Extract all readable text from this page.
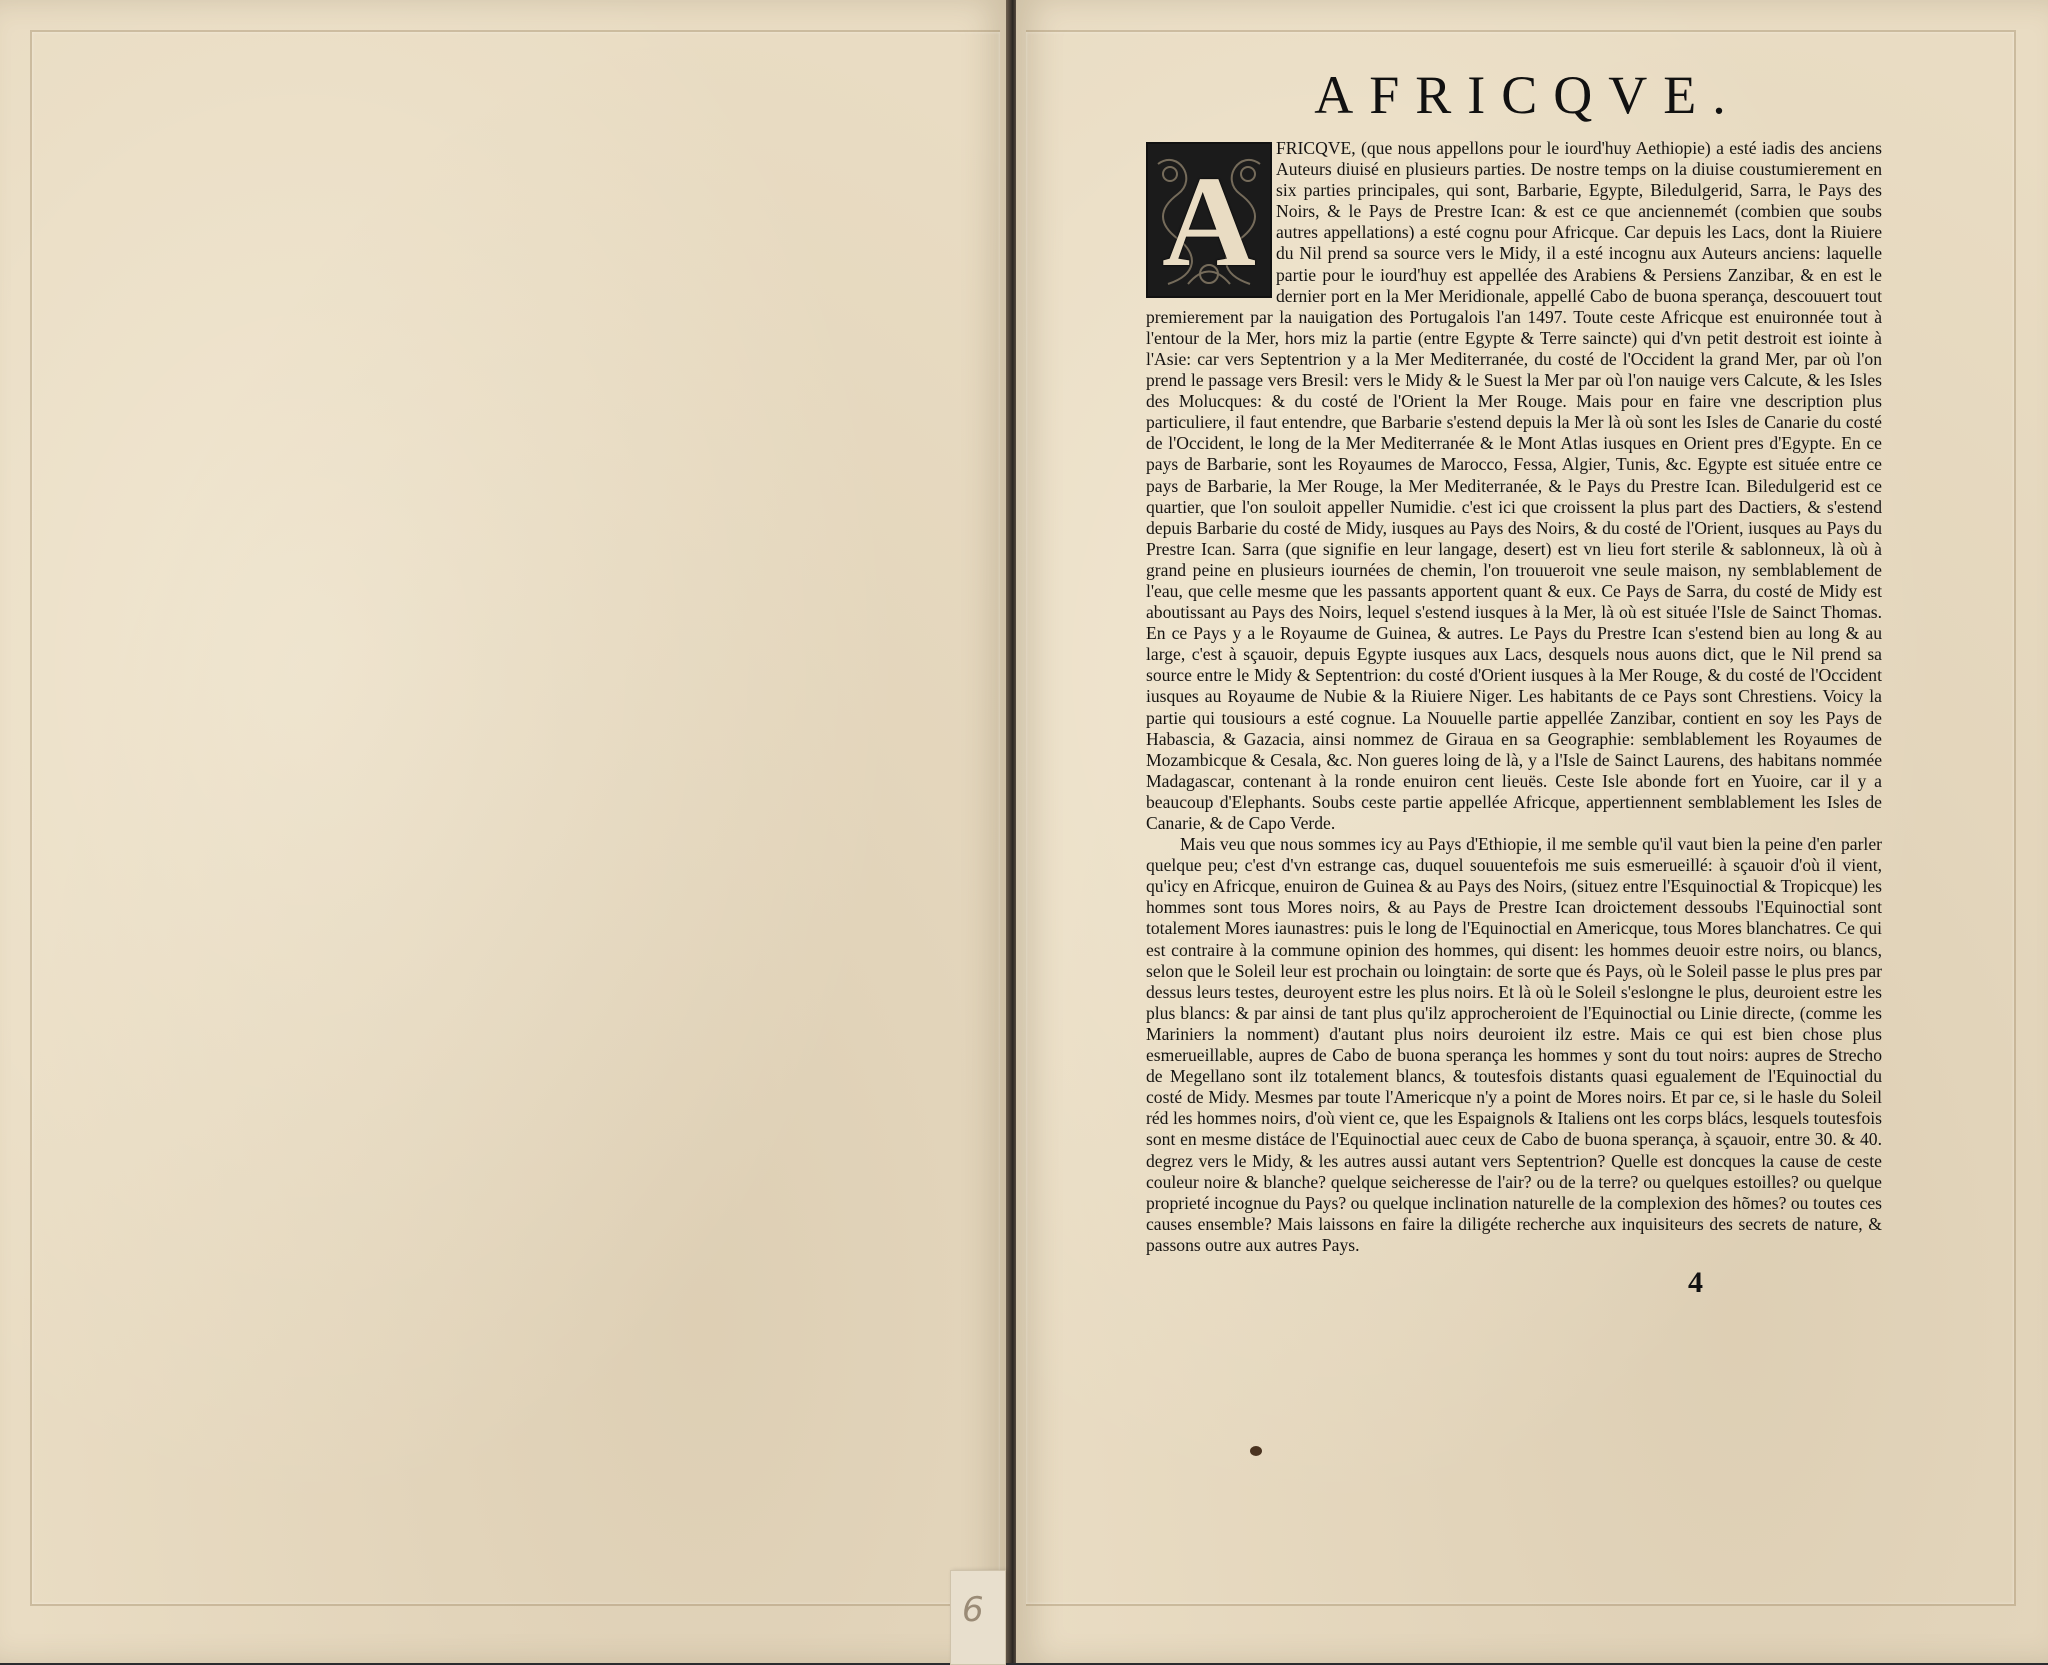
AFRICQVE.

FRICQVE, (que nous appellons pour le iourd'huy Aethiopie) a esté iadis des anciens Auteurs diuisé en plusieurs parties. De nostre temps on la diuise coustumierement en six parties principales, qui sont, Barbarie, Egypte, Biledulgerid, Sarra, le Pays des Noirs, & le Pays de Prestre Ican: & est ce que anciennemét (combien que soubs autres appellations) a esté cognu pour Africque. Car depuis les Lacs, dont la Riuiere du Nil prend sa source vers le Midy, il a esté incognu aux Auteurs anciens: laquelle partie pour le iourd'huy est appellée des Arabiens & Persiens Zanzibar, & en est le dernier port en la Mer Meridionale, appellé Cabo de buona sperança, descouuert tout premierement par la nauigation des Portugalois l'an 1497. Toute ceste Africque est enuironnée tout à l'entour de la Mer, hors miz la partie (entre Egypte & Terre saincte) qui d'vn petit destroit est iointe à l'Asie: car vers Septentrion y a la Mer Mediterranée, du costé de l'Occident la grand Mer, par où l'on prend le passage vers Bresil: vers le Midy & le Suest la Mer par où l'on nauige vers Calcute, & les Isles des Molucques: & du costé de l'Orient la Mer Rouge. Mais pour en faire vne description plus particuliere, il faut entendre, que Barbarie s'estend depuis la Mer là où sont les Isles de Canarie du costé de l'Occident, le long de la Mer Mediterranée & le Mont Atlas iusques en Orient pres d'Egypte. En ce pays de Barbarie, sont les Royaumes de Marocco, Fessa, Algier, Tunis, &c. Egypte est située entre ce pays de Barbarie, la Mer Rouge, la Mer Mediterranée, & le Pays du Prestre Ican. Biledulgerid est ce quartier, que l'on souloit appeller Numidie. c'est ici que croissent la plus part des Dactiers, & s'estend depuis Barbarie du costé de Midy, iusques au Pays des Noirs, & du costé de l'Orient, iusques au Pays du Prestre Ican. Sarra (que signifie en leur langage, desert) est vn lieu fort sterile & sablonneux, là où à grand peine en plusieurs iournées de chemin, l'on trouueroit vne seule maison, ny semblablement de l'eau, que celle mesme que les passants apportent quant & eux. Ce Pays de Sarra, du costé de Midy est aboutissant au Pays des Noirs, lequel s'estend iusques à la Mer, là où est située l'Isle de Sainct Thomas. En ce Pays y a le Royaume de Guinea, & autres. Le Pays du Prestre Ican s'estend bien au long & au large, c'est à sçauoir, depuis Egypte iusques aux Lacs, desquels nous auons dict, que le Nil prend sa source entre le Midy & Septentrion: du costé d'Orient iusques à la Mer Rouge, & du costé de l'Occident iusques au Royaume de Nubie & la Riuiere Niger. Les habitants de ce Pays sont Chrestiens. Voicy la partie qui tousiours a esté cognue. La Nouuelle partie appellée Zanzibar, contient en soy les Pays de Habascia, & Gazacia, ainsi nommez de Giraua en sa Geographie: semblablement les Royaumes de Mozambicque & Cesala, &c. Non gueres loing de là, y a l'Isle de Sainct Laurens, des habitans nommée Madagascar, contenant à la ronde enuiron cent lieuës. Ceste Isle abonde fort en Yuoire, car il y a beaucoup d'Elephants. Soubs ceste partie appellée Africque, appertiennent semblablement les Isles de Canarie, & de Capo Verde.

Mais veu que nous sommes icy au Pays d'Ethiopie, il me semble qu'il vaut bien la peine d'en parler quelque peu; c'est d'vn estrange cas, duquel souuentefois me suis esmerueillé: à sçauoir d'où il vient, qu'icy en Africque, enuiron de Guinea & au Pays des Noirs, (situez entre l'Esquinoctial & Tropicque) les hommes sont tous Mores noirs, & au Pays de Prestre Ican droictement dessoubs l'Equinoctial sont totalement Mores iaunastres: puis le long de l'Equinoctial en Americque, tous Mores blanchatres. Ce qui est contraire à la commune opinion des hommes, qui disent: les hommes deuoir estre noirs, ou blancs, selon que le Soleil leur est prochain ou loingtain: de sorte que és Pays, où le Soleil passe le plus pres par dessus leurs testes, deuroyent estre les plus noirs. Et là où le Soleil s'eslongne le plus, deuroient estre les plus blancs: & par ainsi de tant plus qu'ilz approcheroient de l'Equinoctial ou Linie directe, (comme les Mariniers la nomment) d'autant plus noirs deuroient ilz estre. Mais ce qui est bien chose plus esmerueillable, aupres de Cabo de buona sperança les hommes y sont du tout noirs: aupres de Strecho de Megellano sont ilz totalement blancs, & toutesfois distants quasi egualement de l'Equinoctial du costé de Midy. Mesmes par toute l'Americque n'y a point de Mores noirs. Et par ce, si le hasle du Soleil réd les hommes noirs, d'où vient ce, que les Espaignols & Italiens ont les corps blács, lesquels toutesfois sont en mesme distáce de l'Equinoctial auec ceux de Cabo de buona sperança, à sçauoir, entre 30. & 40. degrez vers le Midy, & les autres aussi autant vers Septentrion? Quelle est doncques la cause de ceste couleur noire & blanche? quelque seicheresse de l'air? ou de la terre? ou quelques estoilles? ou quelque proprieté incognue du Pays? ou quelque inclination naturelle de la complexion des hõmes? ou toutes ces causes ensemble? Mais laissons en faire la diligéte recherche aux inquisiteurs des secrets de nature, & passons outre aux autres Pays.

A
4
6
